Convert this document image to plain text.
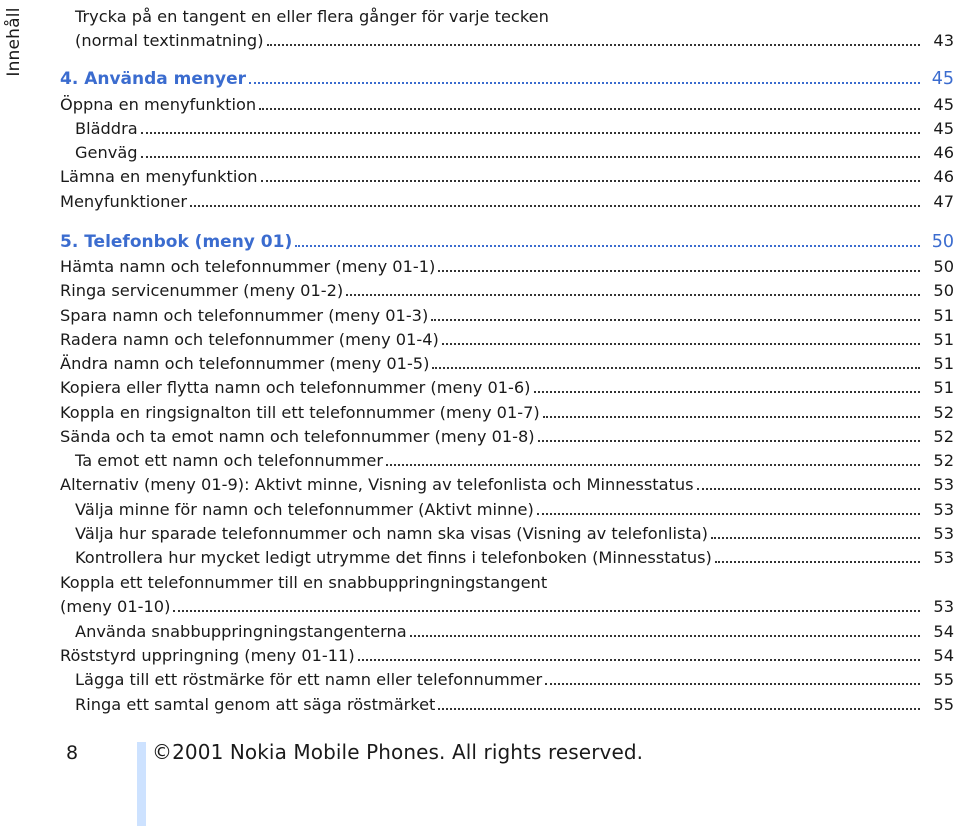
Innehåll	Trycka på en tangent en eller flera gånger för varje tecken
(normal textinmatning)	43
4. Använda menyer	45
Öppna en menyfunktion	45
Bläddra	45
Genväg	46
Lämna en menyfunktion	46
Menyfunktioner	47
5. Telefonbok (meny 01)	50
Hämta namn och telefonnummer (meny 01-1)	50
Ringa servicenummer (meny 01-2)	50
Spara namn och telefonnummer (meny 01-3)	51
Radera namn och telefonnummer (meny 01-4)	51
Ändra namn och telefonnummer (meny 01-5)	51
Kopiera eller flytta namn och telefonnummer (meny 01-6)	51
Koppla en ringsignalton till ett telefonnummer (meny 01-7)	52
Sända och ta emot namn och telefonnummer (meny 01-8)	52
Ta emot ett namn och telefonnummer	52
Alternativ (meny 01-9): Aktivt minne, Visning av telefonlista och Minnesstatus	53
Välja minne för namn och telefonnummer (Aktivt minne)	53
Välja hur sparade telefonnummer och namn ska visas (Visning av telefonlista)	53
Kontrollera hur mycket ledigt utrymme det finns i telefonboken (Minnesstatus)	53
Koppla ett telefonnummer till en snabbuppringningstangent
(meny 01-10)	53
Använda snabbuppringningstangenterna	54
Röststyrd uppringning (meny 01-11)	54
Lägga till ett röstmärke för ett namn eller telefonnummer	55
Ringa ett samtal genom att säga röstmärket	55
8	©2001 Nokia Mobile Phones. All rights reserved.
